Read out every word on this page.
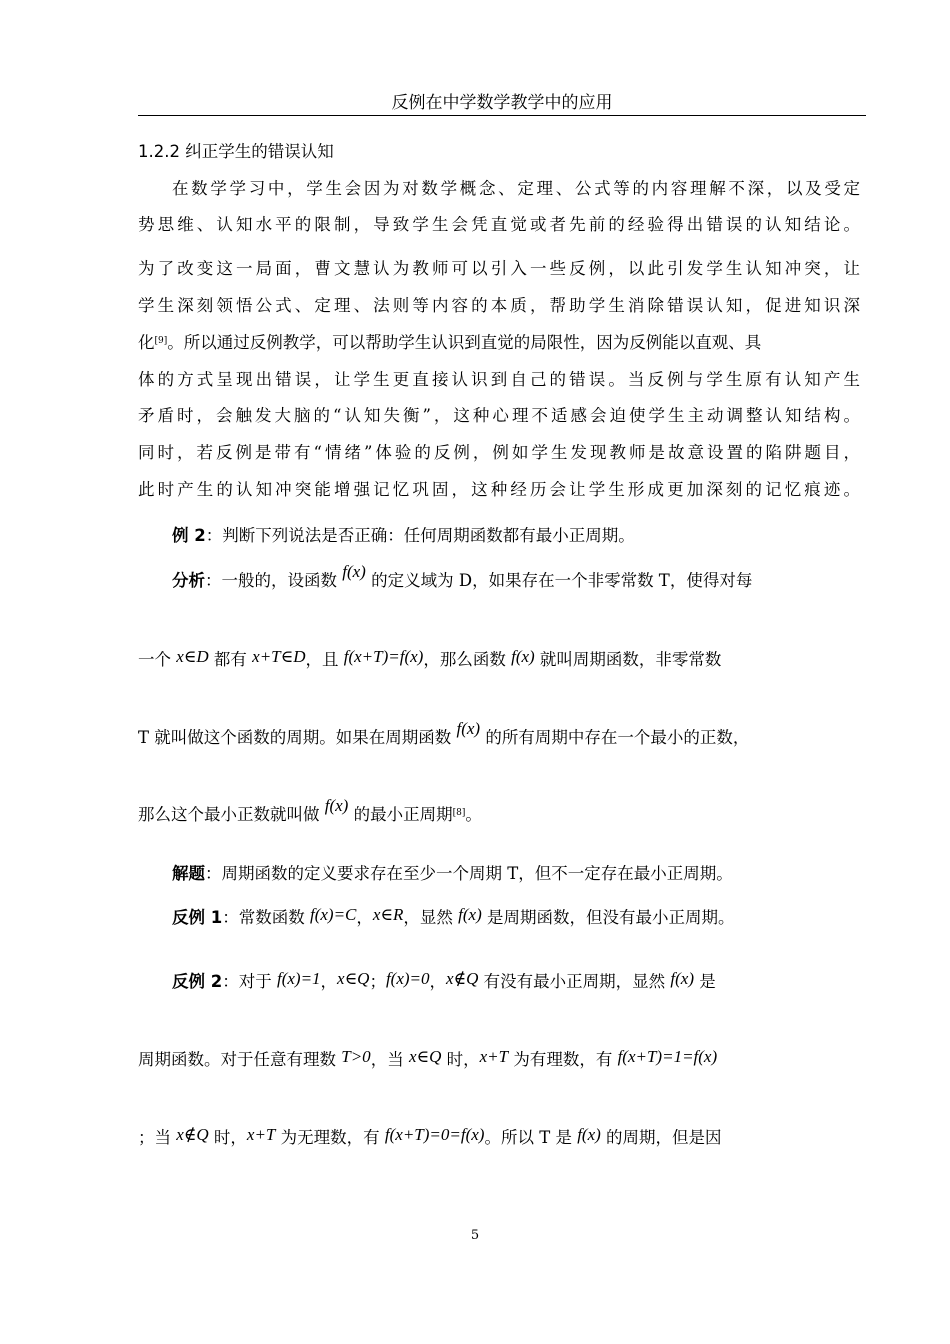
反例在中学数学教学中的应用
1.2.2 纠正学生的错误认知
在数学学习中，学生会因为对数学概念、定理、公式等的内容理解不深，以及受定
势思维、认知水平的限制，导致学生会凭直觉或者先前的经验得出错误的认知结论。
为了改变这一局面，曹文慧认为教师可以引入一些反例，以此引发学生认知冲突，让
学生深刻领悟公式、定理、法则等内容的本质，帮助学生消除错误认知，促进知识深
化[9]。所以通过反例教学，可以帮助学生认识到直觉的局限性，因为反例能以直观、具
体的方式呈现出错误，让学生更直接认识到自己的错误。当反例与学生原有认知产生
矛盾时，会触发大脑的“认知失衡”，这种心理不适感会迫使学生主动调整认知结构。
同时，若反例是带有“情绪”体验的反例，例如学生发现教师是故意设置的陷阱题目，
此时产生的认知冲突能增强记忆巩固，这种经历会让学生形成更加深刻的记忆痕迹。
例 2：判断下列说法是否正确：任何周期函数都有最小正周期。
分析：一般的，设函数 f(x) 的定义域为 D，如果存在一个非零常数 T，使得对每
一个 x∈D 都有 x+T∈D，且 f(x+T)=f(x)，那么函数 f(x) 就叫周期函数，非零常数
T 就叫做这个函数的周期。如果在周期函数 f(x) 的所有周期中存在一个最小的正数，
那么这个最小正数就叫做 f(x) 的最小正周期[8]。
解题：周期函数的定义要求存在至少一个周期 T，但不一定存在最小正周期。
反例 1：常数函数 f(x)=C，x∈R，显然 f(x) 是周期函数，但没有最小正周期。
反例 2：对于 f(x)=1，x∈Q；f(x)=0，x∉Q 有没有最小正周期，显然 f(x) 是
周期函数。对于任意有理数 T>0，当 x∈Q 时，x+T 为有理数，有 f(x+T)=1=f(x)
；当 x∉Q 时，x+T 为无理数，有 f(x+T)=0=f(x)。所以 T 是 f(x) 的周期，但是因
5
